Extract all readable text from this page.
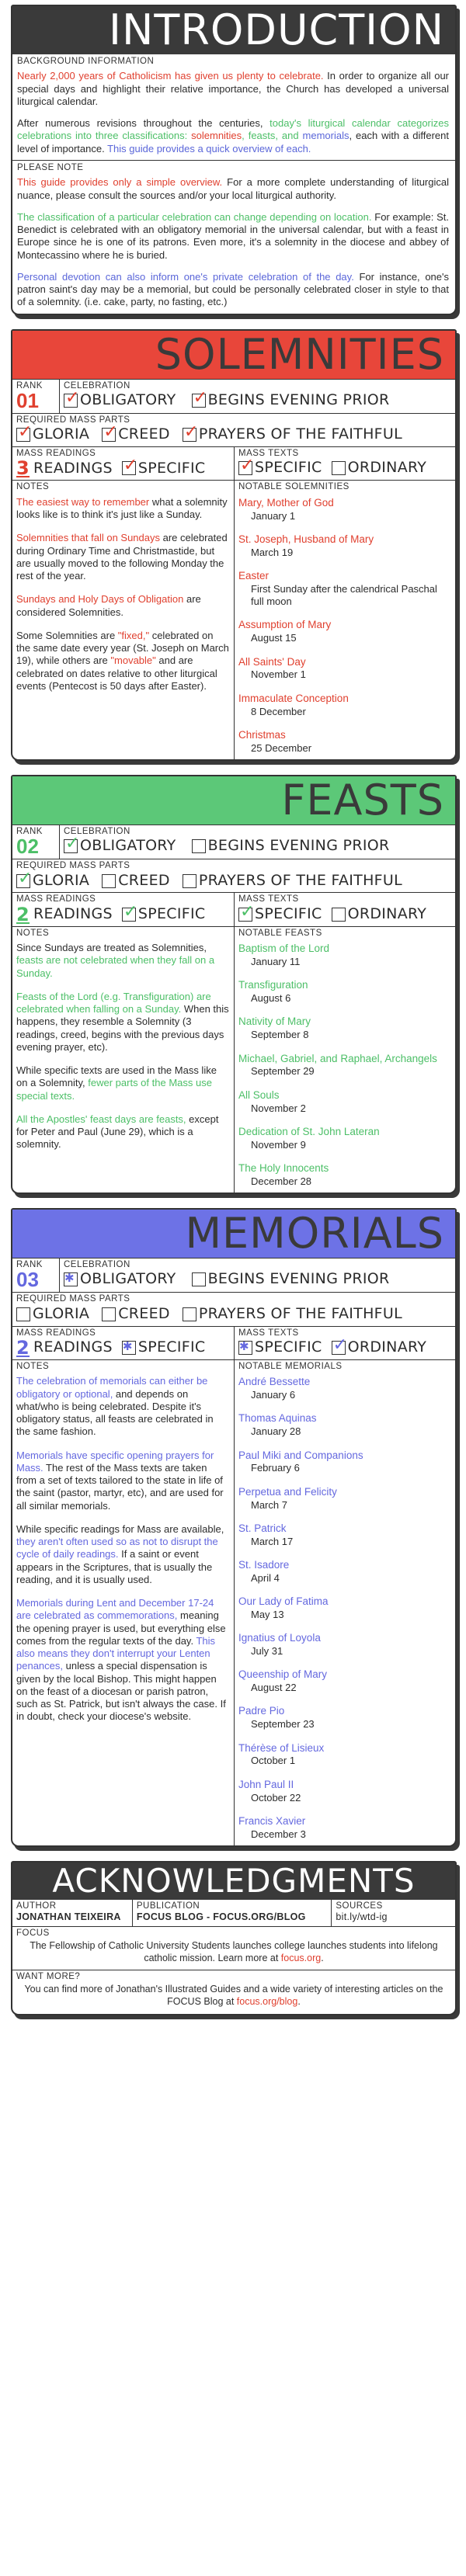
INTRODUCTION
BACKGROUND INFORMATION

Nearly 2,000 years of Catholicism has given us plenty to celebrate. In order to organize all our special days and highlight their relative importance, the Church has developed a universal liturgical calendar.

After numerous revisions throughout the centuries, today's liturgical calendar categorizes celebrations into three classifications: solemnities, feasts, and memorials, each with a different level of importance. This guide provides a quick overview of each.

PLEASE NOTE

This guide provides only a simple overview. For a more complete understanding of liturgical nuance, please consult the sources and/or your local liturgical authority.

The classification of a particular celebration can change depending on location. For example: St. Benedict is celebrated with an obligatory memorial in the universal calendar, but with a feast in Europe since he is one of its patrons. Even more, it's a solemnity in the diocese and abbey of Montecassino where he is buried.

Personal devotion can also inform one's private celebration of the day. For instance, one's patron saint's day may be a memorial, but could be personally celebrated closer in style to that of a solemnity. (i.e. cake, party, no fasting, etc.)

SOLEMNITIES
RANK
01
CELEBRATION
✓ OBLIGATORY ✓ BEGINS EVENING PRIOR
REQUIRED MASS PARTS
✓ GLORIA ✓ CREED ✓ PRAYERS OF THE FAITHFUL
MASS READINGS
3 READINGS ✓ SPECIFIC
MASS TEXTS
✓ SPECIFIC ORDINARY
NOTES
The easiest way to remember what a solemnity looks like is to think it's just like a Sunday.
Solemnities that fall on Sundays are celebrated during Ordinary Time and Christmastide, but are usually moved to the following Monday the rest of the year.
Sundays and Holy Days of Obligation are considered Solemnities.
Some Solemnities are "fixed," celebrated on the same date every year (St. Joseph on March 19), while others are "movable" and are celebrated on dates relative to other liturgical events (Pentecost is 50 days after Easter).
NOTABLE SOLEMNITIES
Mary, Mother of God
January 1
St. Joseph, Husband of Mary
March 19
Easter
First Sunday after the calendrical Paschal full moon
Assumption of Mary
August 15
All Saints' Day
November 1
Immaculate Conception
8 December
Christmas
25 December
FEASTS
RANK
02
CELEBRATION
✓ OBLIGATORY BEGINS EVENING PRIOR
REQUIRED MASS PARTS
✓ GLORIA CREED PRAYERS OF THE FAITHFUL
MASS READINGS
2 READINGS ✓ SPECIFIC
MASS TEXTS
✓ SPECIFIC ORDINARY
NOTES
Since Sundays are treated as Solemnities, feasts are not celebrated when they fall on a Sunday.
Feasts of the Lord (e.g. Transfiguration) are celebrated when falling on a Sunday. When this happens, they resemble a Solemnity (3 readings, creed, begins with the previous days evening prayer, etc).
While specific texts are used in the Mass like on a Solemnity, fewer parts of the Mass use special texts.
All the Apostles' feast days are feasts, except for Peter and Paul (June 29), which is a solemnity.
NOTABLE FEASTS
Baptism of the Lord
January 11
Transfiguration
August 6
Nativity of Mary
September 8
Michael, Gabriel, and Raphael, Archangels
September 29
All Souls
November 2
Dedication of St. John Lateran
November 9
The Holy Innocents
December 28
MEMORIALS
RANK
03
CELEBRATION
✱ OBLIGATORY BEGINS EVENING PRIOR
REQUIRED MASS PARTS
GLORIA CREED PRAYERS OF THE FAITHFUL
MASS READINGS
2 READINGS ✱ SPECIFIC
MASS TEXTS
✱ SPECIFIC ✓ ORDINARY
NOTES
The celebration of memorials can either be obligatory or optional, and depends on what/who is being celebrated. Despite it's obligatory status, all feasts are celebrated in the same fashion.
Memorials have specific opening prayers for Mass. The rest of the Mass texts are taken from a set of texts tailored to the state in life of the saint (pastor, martyr, etc), and are used for all similar memorials.
While specific readings for Mass are available, they aren't often used so as not to disrupt the cycle of daily readings. If a saint or event appears in the Scriptures, that is usually the reading, and it is usually used.
Memorials during Lent and December 17-24 are celebrated as commemorations, meaning the opening prayer is used, but everything else comes from the regular texts of the day. This also means they don't interrupt your Lenten penances, unless a special dispensation is given by the local Bishop. This might happen on the feast of a diocesan or parish patron, such as St. Patrick, but isn't always the case. If in doubt, check your diocese's website.
NOTABLE MEMORIALS
André Bessette
January 6
Thomas Aquinas
January 28
Paul Miki and Companions
February 6
Perpetua and Felicity
March 7
St. Patrick
March 17
St. Isadore
April 4
Our Lady of Fatima
May 13
Ignatius of Loyola
July 31
Queenship of Mary
August 22
Padre Pio
September 23
Thérèse of Lisieux
October 1
John Paul II
October 22
Francis Xavier
December 3
ACKNOWLEDGMENTS
AUTHOR
JONATHAN TEIXEIRA
PUBLICATION
FOCUS BLOG - FOCUS.ORG/BLOG
SOURCES
bit.ly/wtd-ig
FOCUS
The Fellowship of Catholic University Students launches college launches students into lifelong catholic mission. Learn more at focus.org.
WANT MORE?
You can find more of Jonathan's Illustrated Guides and a wide variety of interesting articles on the FOCUS Blog at focus.org/blog.
